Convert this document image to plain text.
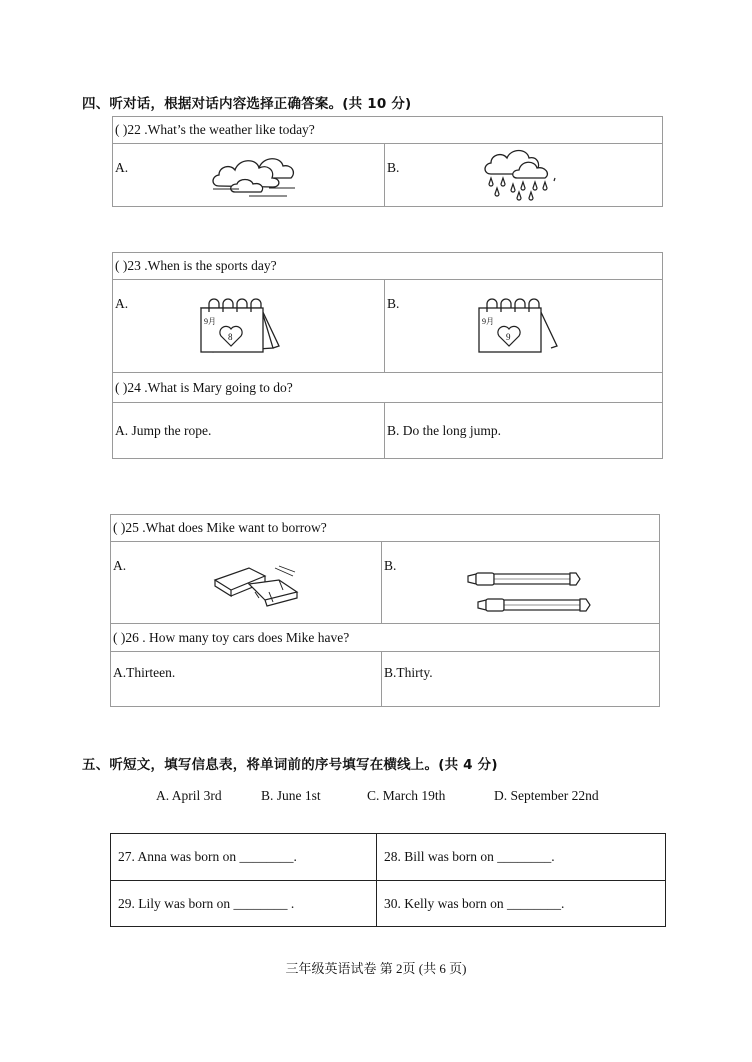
四、听对话，根据对话内容选择正确答案。(共 10 分)
( )22 .What’s the weather like today?

A.	B.
( )23 .When is the sports day?	

A.
9月
8	B.
9月
9

( )24 .What is Mary going to do?	
A. Jump the rope.	B. Do the long jump.
( )25 .What does Mike want to borrow?	

A.	B.

( )26 . How many toy cars does Mike have?	
A.Thirteen.	B.Thirty.
五、听短文，填写信息表，将单词前的序号填写在横线上。(共 4 分)
A. April 3rd	B. June 1st	C. March 19th	D. September 22nd
27. Anna was born on ________.	28. Bill was born on ________.
29. Lily was born on ________ .	30. Kelly was born on ________.
三年级英语试卷 第 2页 (共 6 页)
